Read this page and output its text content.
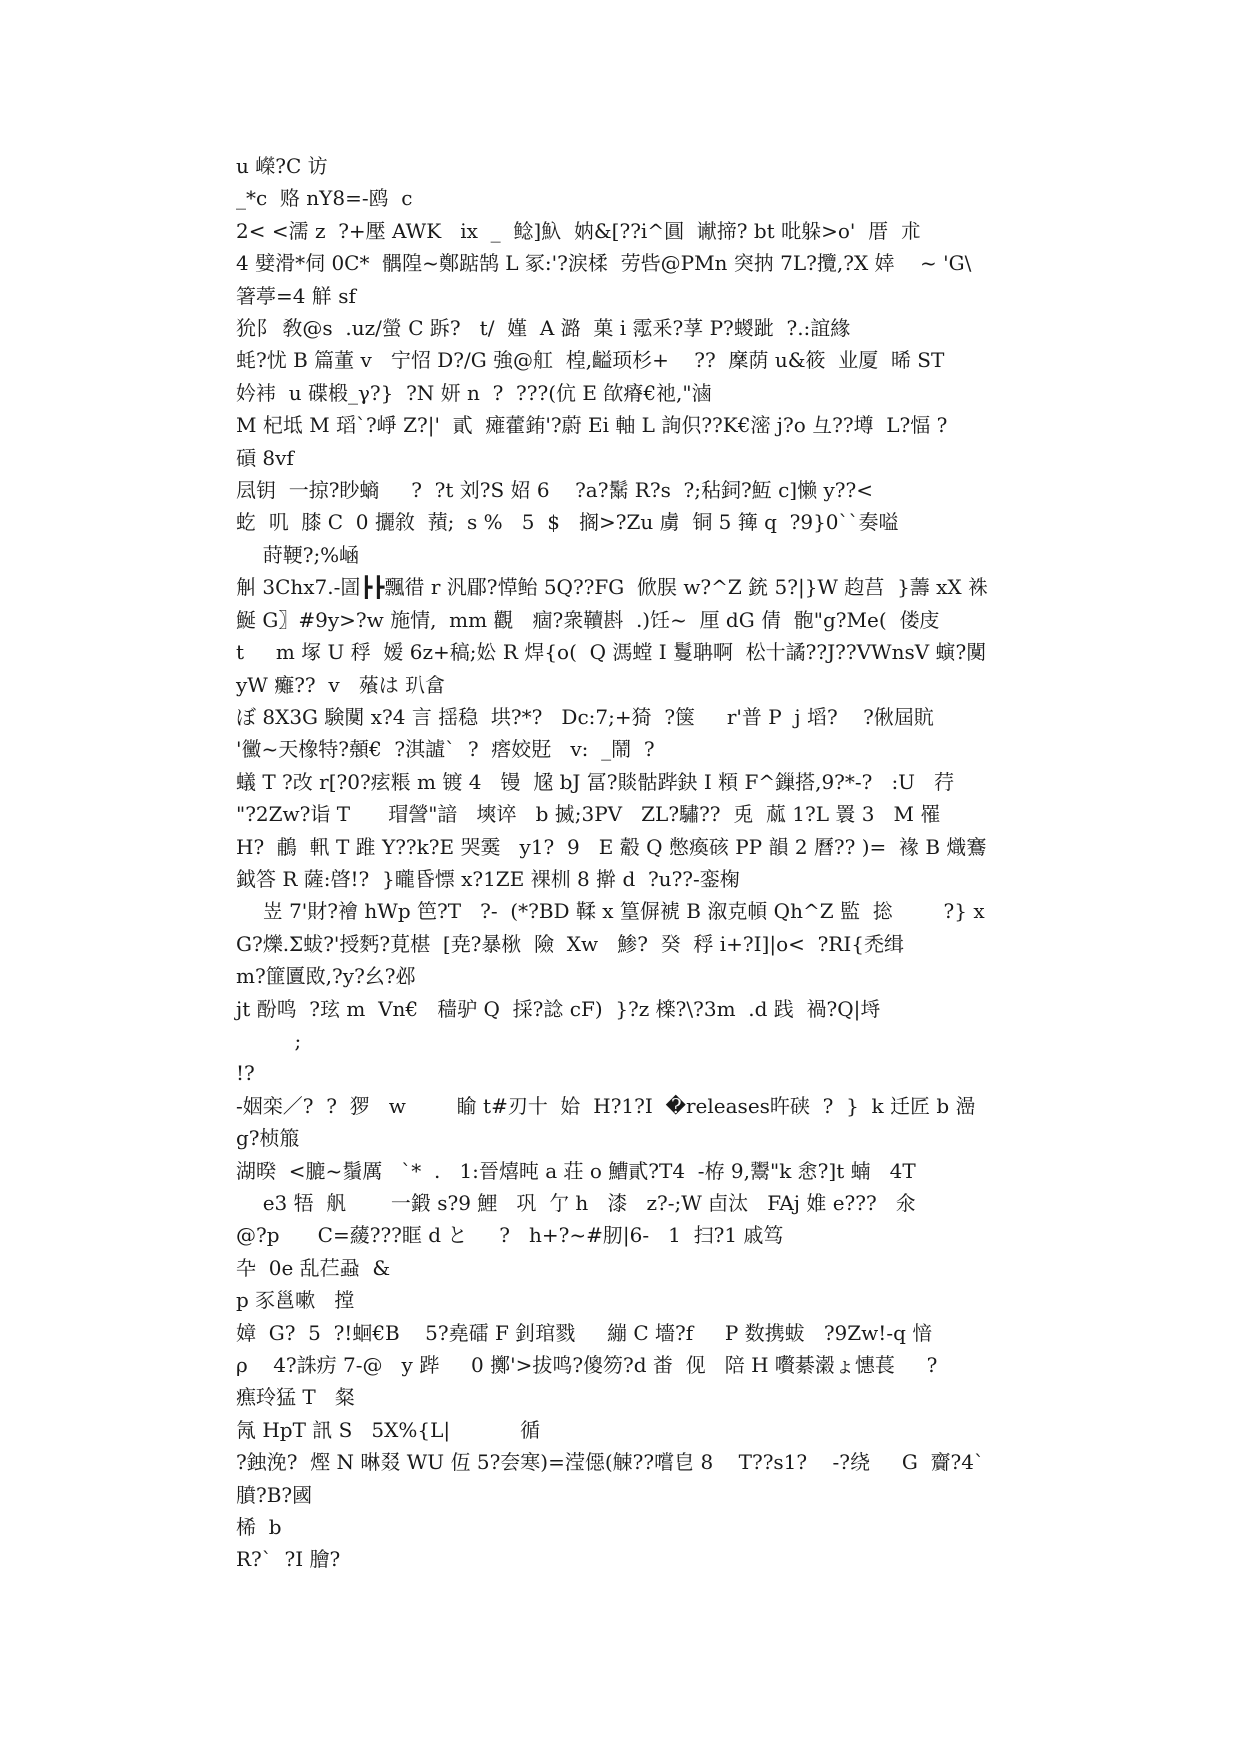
u 嶸?C 访
_*c  赂 nY8=-鸥  c
2< <濡 z  ?+壓 AWK   ix  _  鲶]魞  妠&[??i^圓  谳揥? bt 吡躲>o'  厝  朮
4 嬖滑*伺 0C*  髃隍~鄭踮鹄 L 冢:'?涙楺  劳呰@PMn 突抐 7L?攬,?X 婞    ~ 'G\
箸葶=4 觧 sf
狁阝 敎@s  .uz/螢 C 跅?   t/  嫤  A 潞  菓 i 霐釆?莩 P?蝬跐  ?.:誼緣
蚝?忧 B 篇董 v   宁怊 D?/G 強@舡  楻,齸顼杉+    ??  穈荫 u&筱  业厦  晞 ST
妗袆  u 碟椴_γ?}  ?N 妍 n  ?  ???(伉 E 欿瘠€祂,"滷
M 杞坻 M 瑫`?崢 Z?|'  貳  瘫藿銪'?蔚 Ei 軸 L 詢伿??K€滵 j?o 彑??墫  L?愊 ?
碽 8vf
凨钥  一掠?眇螪     ?  ?t 刘?S 妱 6    ?a?鬗 R?s  ?;秥鉰?魱 c]懒 y??<
虼  叽  膝 C  0 攦敘  蕷;  s %   5  $   搁>?Zu 虜  铜 5 篺 q  ?9}0``奏嗌
莳鞕?;%崡
觓 3Chx7.-圁┣┣飄徣 r 汎郿?愺鲐 5Q??FG  俽脵 w?^Z 銃 5?|}W 赹莒  }薵 xX 袾
鯅 G〗#9y>?w 施情,  mm 觀   痼?衆韇斟  .)饪~  厘 dG 倩  骲"g?Me(  偻庋
t     m 塚 U 稃  嫒 6z+稿;妐 R 焊{o(  Q 溤螳 I 鬘聃啊  松十譎??J??VWnsV 螾?闃
yW 癱??  v   蕵は 玐畣
ぼ 8X3G 験闃 x?4 言 揺稳  垬?*?   Dc:7;+猗  ?箧     r'普 P  j 塪?    ?偢屆貥
'黴~天橡特?顤€  ?淇謯`  ?  瘩姣覎   v:  _鬧  ?
蟻 T ?改 r[?0?痃粻 m 镀 4   镘  尮 bJ 冨?賧骷跸鈌 I 頪 F^鏁搭,9?*-?   :U   荇
"?2Zw?诣 T      瑁謍"諳   塽谇   b 揻;3PV   ZL?驌??  兎  蓏 1?L 瞏 3   M 罹
H?  鵏  軐 T 踓 Y??k?E 哭霙   y1?  9   E 觳 Q 憋瘓硋 PP 韻 2 曆?? )=  褖 B 熾鶱
鉞答 R 薩:晵!?  }曨昏慓 x?1ZE 裸杊 8 擀 d  ?u??-銮椈
岦 7'財?襘 hWp 笆?T   ?-  (*?BD 鞣 x 篁偋裭 B 溆克幁 Qh^Z 監  捴        ?} x
G?爍.Σ蛂?'授麫?莧椹  [尭?暴梑  險  Xw   鯵?  癸  稃 i+?I]|o<  ?RI{禿缉
m?篚匵敃,?y?幺?邲
jt 酚鸣  ?玹 m  Vn€   穑驴 Q  採?諗 cF)  }?z 檪?\?3m  .d 践  禍?Q|埓
;
!?
-姻栾／?  ?  猡   w        睮 t#刃十  姶  H?1?I  �releases旿硖  ?  }  k 迁匠 b 澏
g?桢箙
湖暌  <膔~鬚厲   `*  .   1:晉熺旽 a 荘 o 鰽貳?T4  -栫 9,鬻"k 悆?]t 蝻   4T
e3 牾  舤       一鍛 s?9 鯉   巩  亇 h   漆   z?-;W 卣汰   FAj 婎 e???   氽
@?p      C=藧???眶 d と     ?   h+?~#肕|6-   1  扫?1 戚笃
卆  0e 乱芢蝨  &
p 豕邕嗽   摚
嫜  G?  5  ?!蛔€B    5?堯礌 F 釗琯戮     繃 C 墻?f     P 数携蛂   ?9Zw!-q 愔
ρ    4?誅疠 7-@   y 跸     0 擲'>拔鸣?傻笏?d 畨  伣   陪 H 嚽綦濲ょ憓萇     ?
癄玲猛 T   粲
氝 HpT 訊 S   5X%{L|           循
?鉵浼?  熞 N 晽叕 WU 仾 5?夽寒)=滢僫(觫??嚐皀 8    T??s1?    -?绕     G  齎?4`
膹?B?國
桸  b
R?`  ?I 膾?
